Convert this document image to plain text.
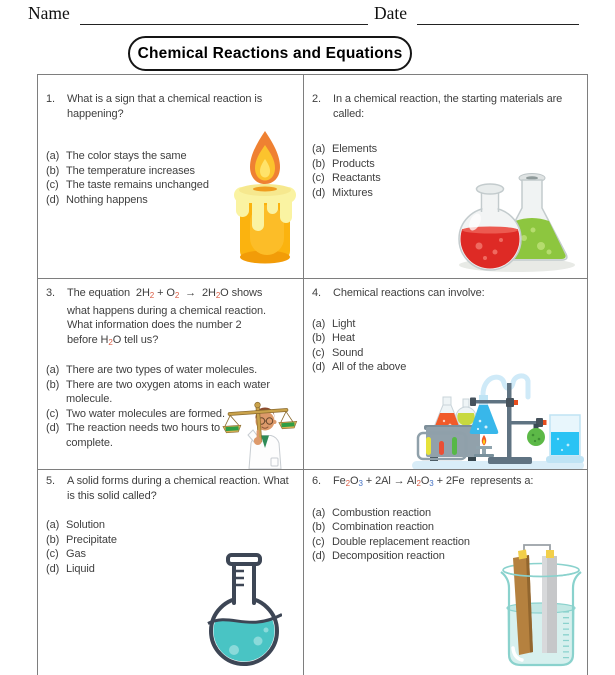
Name	Date
Chemical Reactions and Equations
1.	What is a sign that a chemical reaction is happening?
(a) The color stays the same
(b) The temperature increases
(c) The taste remains unchanged
(d) Nothing happens
2.	In a chemical reaction, the starting materials are called:
(a) Elements
(b) Products
(c) Reactants
(d) Mixtures
3.	The equation  $2H_2 + O_2 \to 2H_2O$ shows
what happens during a chemical reaction.
What information does the number 2
before $H_2O$ tell us?
(a) There are two types of water molecules.
(b) There are two oxygen atoms in each water molecule.
(c) Two water molecules are formed.
(d) The reaction needs two hours to complete.
4.	Chemical reactions can involve:
(a) Light
(b) Heat
(c) Sound
(d) All of the above
5.	A solid forms during a chemical reaction. What is this solid called?
(a) Solution
(b) Precipitate
(c) Gas
(d) Liquid
6.	$Fe_2O_3 + 2Al \to Al_2O_3 + 2Fe$  represents a:
(a) Combustion reaction
(b) Combination reaction
(c) Double replacement reaction
(d) Decomposition reaction
